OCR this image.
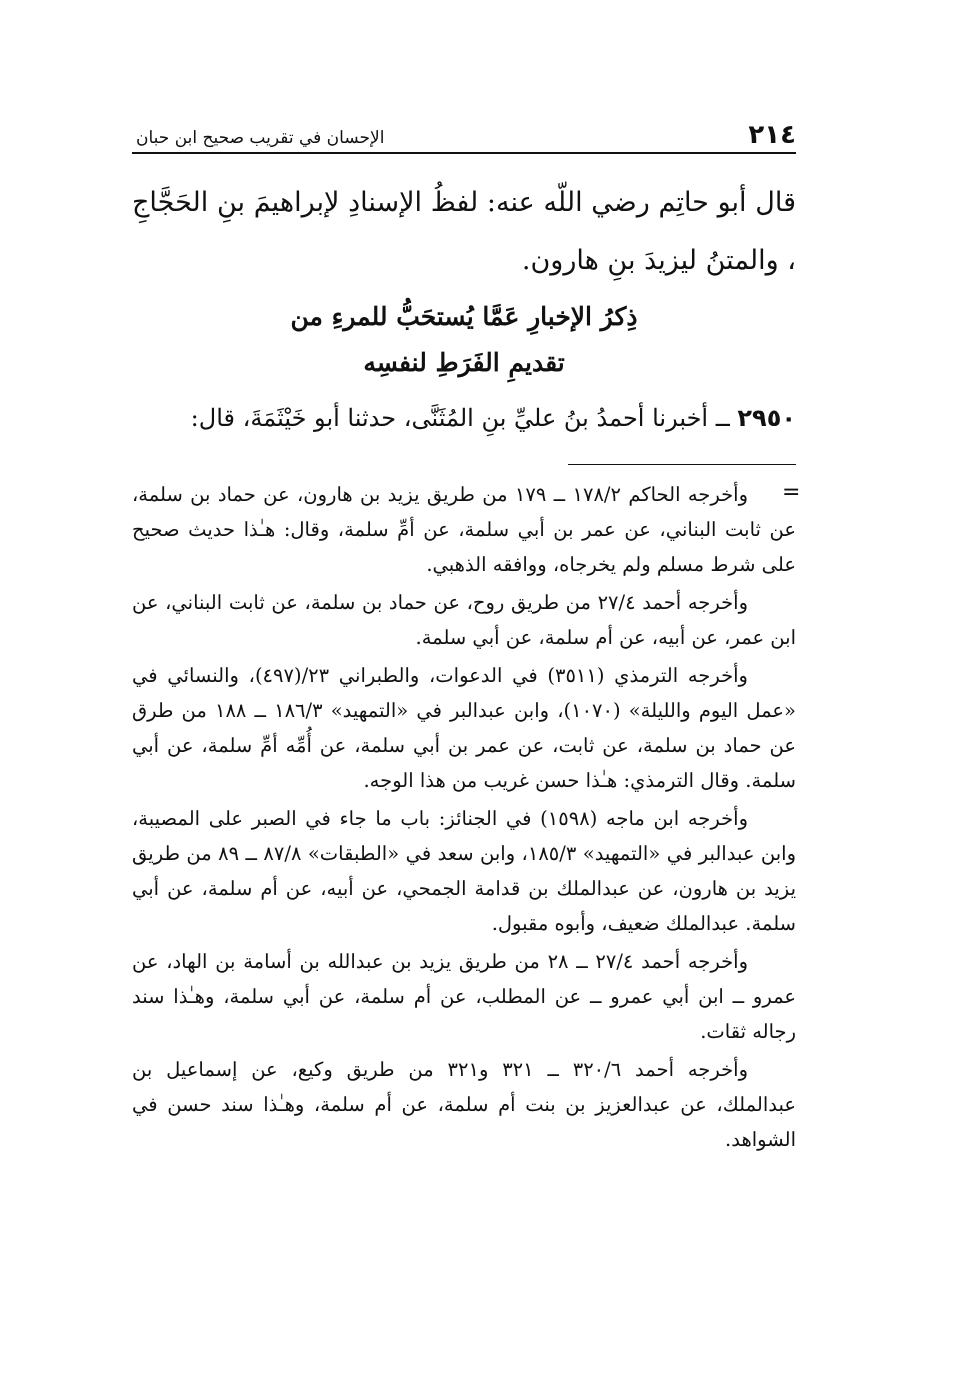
٢١٤
الإحسان في تقريب صحيح ابن حبان

قال أبو حاتِم رضي اللّه عنه: لفظُ الإسنادِ لإبراهيمَ بنِ الحَجَّاجِ ، والمتنُ ليزيدَ بنِ هارون.

ذِكرُ الإخبارِ عَمَّا يُستحَبُّ للمرءِ من
تقديمِ الفَرَطِ لنفسِه
٢٩٥٠ ــ أخبرنا أحمدُ بنُ عليِّ بنِ المُثَنَّى، حدثنا أبو خَيْثَمَةَ، قال:

وأخرجه الحاكم ١٧٨/٢ ــ ١٧٩ من طريق يزيد بن هارون، عن حماد بن سلمة، عن ثابت البناني، عن عمر بن أبي سلمة، عن أمِّ سلمة، وقال: هـٰذا حديث صحيح على شرط مسلم ولم يخرجاه، ووافقه الذهبي.

وأخرجه أحمد ٢٧/٤ من طريق روح، عن حماد بن سلمة، عن ثابت البناني، عن ابن عمر، عن أبيه، عن أم سلمة، عن أبي سلمة.

وأخرجه الترمذي (٣٥١١) في الدعوات، والطبراني ٢٣/(٤٩٧)، والنسائي في «عمل اليوم والليلة» (١٠٧٠)، وابن عبدالبر في «التمهيد» ١٨٦/٣ ــ ١٨٨ من طرق عن حماد بن سلمة، عن ثابت، عن عمر بن أبي سلمة، عن أُمِّه أمِّ سلمة، عن أبي سلمة. وقال الترمذي: هـٰذا حسن غريب من هذا الوجه.

وأخرجه ابن ماجه (١٥٩٨) في الجنائز: باب ما جاء في الصبر على المصيبة، وابن عبدالبر في «التمهيد» ١٨٥/٣، وابن سعد في «الطبقات» ٨٧/٨ ــ ٨٩ من طريق يزيد بن هارون، عن عبدالملك بن قدامة الجمحي، عن أبيه، عن أم سلمة، عن أبي سلمة. عبدالملك ضعيف، وأبوه مقبول.

وأخرجه أحمد ٢٧/٤ ــ ٢٨ من طريق يزيد بن عبدالله بن أسامة بن الهاد، عن عمرو ــ ابن أبي عمرو ــ عن المطلب، عن أم سلمة، عن أبي سلمة، وهـٰذا سند رجاله ثقات.

وأخرجه أحمد ٣٢٠/٦ ــ ٣٢١ و٣٢١ من طريق وكيع، عن إسماعيل بن عبدالملك، عن عبدالعزيز بن بنت أم سلمة، عن أم سلمة، وهـٰذا سند حسن في الشواهد.

=
